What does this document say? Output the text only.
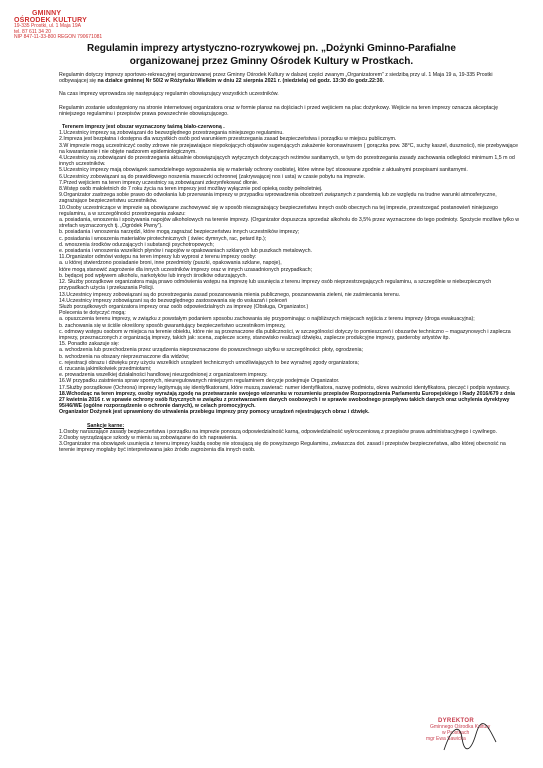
GMINNY
OŚRODEK KULTURY
19-335 Prostki, ul. 1 Maja 19A
tel. 87 611 34 20
NIP 847-11-33-800 REGON 790671081
Regulamin imprezy artystyczno-rozrywkowej pn. „Dożynki Gminno-Parafialne
organizowanej przez Gminny Ośrodek Kultury w Prostkach.

Regulamin dotyczy imprezy sportowo-rekreacyjnej organizowanej przez Gminny Ośrodek Kultury w dalszej części zwanym „Organizatorem” z siedzibą przy ul. 1 Maja 19 a, 19-335 Prostki odbywającej się na działce gminnej Nr 50/2 w Różyńsku Wielkim w dniu 22 sierpnia 2021 r. (niedziela) od godz. 13:30 do godz.22:30.

Na czas imprezy wprowadza się następujący regulamin obowiązujący wszystkich uczestników.

Regulamin zostanie udostępniony na stronie internetowej organizatora oraz w formie plansz na dojściach i przed wejściem na plac dożynkowy. Wejście na teren imprezy oznacza akceptację niniejszego regulaminu i przepisów prawa powszechnie obowiązującego.

Terenem imprezy jest obszar wyznaczony taśmą biało-czerwoną .

1.Uczestnicy imprezy są zobowiązani do bezwzględnego przestrzegania niniejszego regulaminu.

2.Impreza jest bezpłatna i dostępna dla wszystkich osób pod warunkiem przestrzegania zasad bezpieczeństwa i porządku w miejscu publicznym.

3.W imprezie mogą uczestniczyć osoby zdrowe nie przejawiające niepokojących objawów sugerujących zakażenie koronawirusem ( gorączka pow. 38°C, suchy kaszel, duszności), nie przebywające na kwarantannie i nie objęte nadzorem epidemiologicznym.

4.Uczestnicy są zobowiązani do przestrzegania aktualnie obowiązujących wytycznych dotyczących reżimów sanitarnych, w tym do przestrzegania zasady zachowania odległości minimum 1,5 m od innych uczestników.

5.Uczestnicy imprezy mają obowiązek samodzielnego wyposażenia się w materiały ochrony osobistej, które winne być stosowane zgodnie z aktualnymi przepisami sanitarnymi.

6.Uczestnicy zobowiązani są do prawidłowego noszenia maseczki ochronnej (zakrywającej nos i usta) w czasie pobytu na imprezie.

7.Przed wejściem na teren imprezy uczestnicy są zobowiązani zdezynfekować dłonie.

8.Wstęp osób małoletnich do 7 roku życia na teren imprezy jest możliwy wyłącznie pod opieką osoby pełnoletniej.

9.Organizator zastrzega sobie prawo do odwołania lub przerwania imprezy w przypadku wprowadzenia obostrzeń związanych z pandemią lub ze względu na trudne warunki atmosferyczne, zagrażające bezpieczeństwu uczestników.

10.Osoby uczestniczące w imprezie są obowiązane zachowywać się w sposób niezagrażający bezpieczeństwu innych osób obecnych na tej imprezie, przestrzegać postanowień niniejszego regulaminu, a w szczególności przestrzegania zakazu:

a. posiadania, wnoszenia i spożywania napojów alkoholowych na terenie imprezy. (Organizator dopuszcza sprzedaż alkoholu do 3,5% przez wyznaczone do tego podmioty. Spożycie możliwe tylko w strefach wyznaczonych tj. „Ogródek Piwny”).

b. posiadania i wnoszenia narzędzi, które mogą zagrażać bezpieczeństwu innych uczestników imprezy;

c. posiadania i wnoszenia materiałów pirotechnicznych ( świec dymnych, rac, petard itp.);

d. wnoszenia środków odurzających i substancji psychotropowych;

e. posiadania i wnoszenia wszelkich płynów i napojów w opakowaniach szklanych lub puszkach metalowych.

11.Organizator odmówi wstępu na teren imprezy lub wyprosi z terenu imprezy osoby:

a. u której stwierdzono posiadanie broni, inne przedmioty (puszki, opakowania szklane, napoje),

które mogą stanowić zagrożenie dla innych uczestników imprezy oraz w innych uzasadnionych przypadkach;

b. będącej pod wpływem alkoholu, narkotyków lub innych środków odurzających.

12. Służby porządkowe organizatora mają prawo odmówienia wstępu na imprezę lub usunięcia z terenu imprezy osób nieprzestrzegających regulaminu, a szczególnie w niebezpiecznych przypadkach użycia i przekazania Policji.

13.Uczestnicy imprezy zobowiązani są do przestrzegania zasad poszanowania mienia publicznego, poszanowania zieleni, nie zaśmiecania terenu.

14.Uczestnicy imprezy zobowiązani są do bezwzględnego zastosowania się do wskazań i poleceń

Służb porządkowych organizatora imprezy oraz osób odpowiedzialnych za imprezę (Obsługa, Organizator.)

Polecenia te dotyczyć mogą:

a. opuszczenia terenu imprezy, w związku z powstałym podaniem sposobu zachowania się przypominając o najbliższych miejscach wyjścia z terenu imprezy (droga ewakuacyjna);

b. zachowania się w ściśle określony sposób gwarantujący bezpieczeństwo uczestnikom imprezy,

c. odmowy wstępu osobom w miejsca na terenie obiektu, które nie są przeznaczone dla publiczności, w szczególności dotyczy to pomieszczeń i obszarów techniczno – magazynowych i zaplecza imprezy, przeznaczonych z organizacją imprezy, takich jak: scena, zaplecze sceny, stanowisko realizacji dźwięku, zaplecze produkcyjne imprezy, garderoby artystów itp.

15. Ponadto zakazuje się:

a. wchodzenia lub przechodzenia przez urządzenia nieprzeznaczone do powszechnego użytku w szczególności: płoty, ogrodzenia;

b. wchodzenia na obszary nieprzeznaczone dla widzów;

c. rejestracji obrazu i dźwięku przy użyciu wszelkich urządzeń technicznych umożliwiających to bez wyraźnej zgody organizatora;

d. rzucania jakimikolwiek przedmiotami;

e. prowadzenia wszelkiej działalności handlowej nieuzgodnionej z organizatorem imprezy.

16.W przypadku zaistnienia spraw spornych, nieuregulowanych niniejszym regulaminem decyzje podejmuje Organizator.

17.Służby porządkowe (Ochrona) imprezy legitymują się identyfikatorami, które muszą zawierać: numer identyfikatora, nazwę podmiotu, okres ważności identyfikatora, pieczęć i podpis wystawcy.

18.Wchodząc na teren imprezy, osoby wyrażają zgodę na przetwarzanie swojego wizerunku w rozumieniu przepisów Rozporządzenia Parlamentu Europejskiego i Rady 2016/679 z dnia 27 kwietnia 2016 r. w sprawie ochrony osób fizycznych w związku z przetwarzaniem danych osobowych i w sprawie swobodnego przepływu takich danych oraz uchylenia dyrektywy 95/46/WE (ogólne rozporządzenie o ochronie danych), w celach promocyjnych.

Organizator Dożynek jest uprawniony do utrwalenia przebiegu imprezy przy pomocy urządzeń rejestrujących obraz i dźwięk.

Sankcje karne:

1.Osoby naruszające zasady bezpieczeństwa i porządku na imprezie ponoszą odpowiedzialność karną, odpowiedzialność wykroczeniową z przepisów prawa administracyjnego i cywilnego.

2.Osoby wyrządzające szkody w mieniu są zobowiązane do ich naprawienia.

3.Organizator ma obowiązek usunięcia z terenu imprezy każdą osobę nie stosującą się do powyższego Regulaminu, zwłaszcza dot. zasad i przepisów bezpieczeństwa, albo której obecność na terenie imprezy mogłaby być interpretowana jako źródło zagrożenia dla innych osób.

DYREKTOR
Gminnego Ośrodka Kultury
w Prostkach
mgr Ewa Sawicka
